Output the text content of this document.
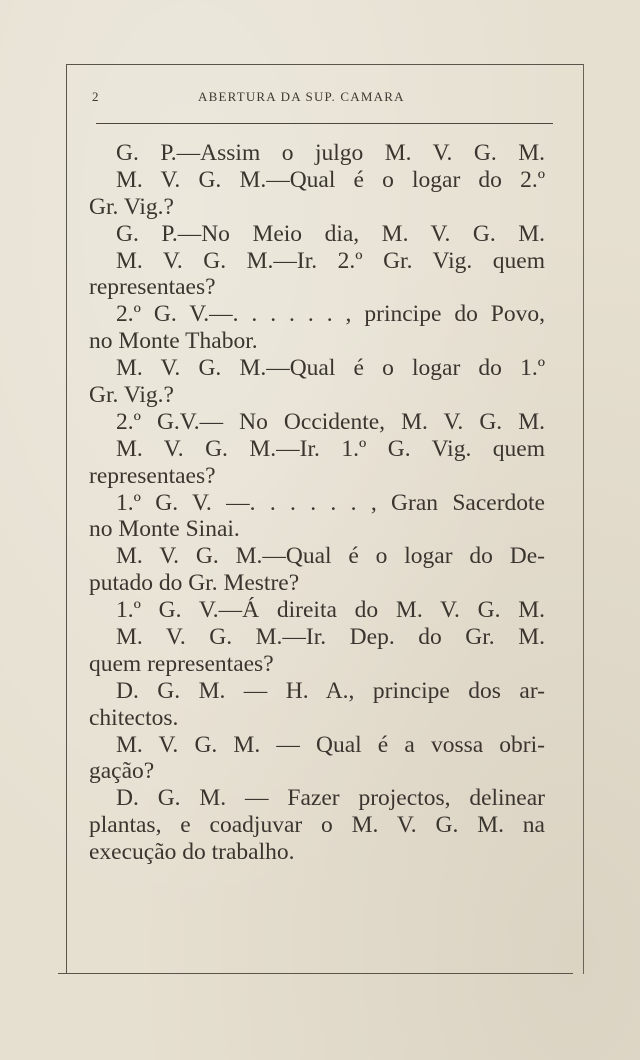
2	ABERTURA DA SUP. CAMARA
G. P.—Assim o julgo M. V. G. M.
M. V. G. M.—Qual é o logar do 2.º
Gr. Vig.?
G. P.—No Meio dia, M. V. G. M.
M. V. G. M.—Ir. 2.º Gr. Vig. quem
representaes?
2.º G. V.—. . . . . . , principe do Povo,
no Monte Thabor.
M. V. G. M.—Qual é o logar do 1.º
Gr. Vig.?
2.º G.V.— No Occidente, M. V. G. M.
M. V. G. M.—Ir. 1.º G. Vig. quem
representaes?
1.º G. V. —. . . . . . , Gran Sacerdote
no Monte Sinai.
M. V. G. M.—Qual é o logar do De-
putado do Gr. Mestre?
1.º G. V.—Á direita do M. V. G. M.
M. V. G. M.—Ir. Dep. do Gr. M.
quem representaes?
D. G. M. — H. A., principe dos ar-
chitectos.
M. V. G. M. — Qual é a vossa obri-
gação?
D. G. M. — Fazer projectos, delinear
plantas, e coadjuvar o M. V. G. M. na
execução do trabalho.
